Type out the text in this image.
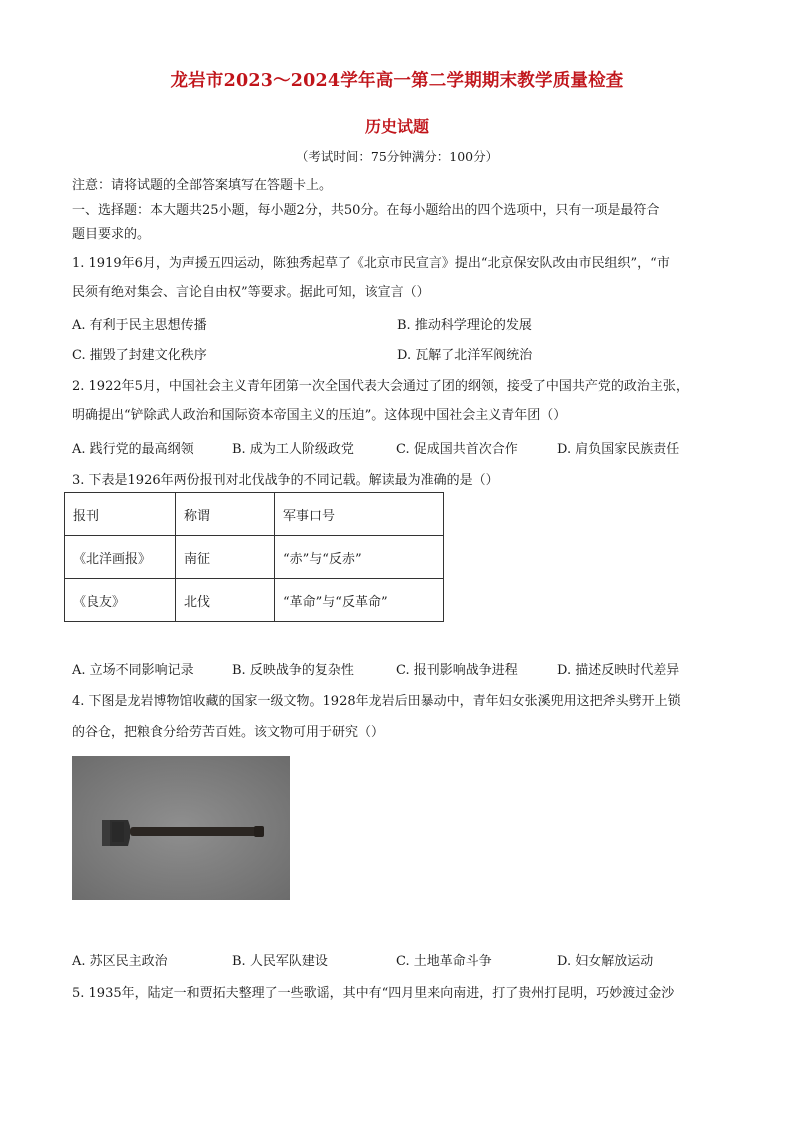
龙岩市2023～2024学年高一第二学期期末教学质量检查
历史试题
（考试时间：75分钟满分：100分）
注意：请将试题的全部答案填写在答题卡上。
一、选择题：本大题共25小题，每小题2分，共50分。在每小题给出的四个选项中，只有一项是最符合
题目要求的。
1. 1919年6月，为声援五四运动，陈独秀起草了《北京市民宣言》提出“北京保安队改由市民组织”，“市
民须有绝对集会、言论自由权”等要求。据此可知，该宣言（）
A. 有利于民主思想传播	B. 推动科学理论的发展
C. 摧毁了封建文化秩序	D. 瓦解了北洋军阀统治
2. 1922年5月，中国社会主义青年团第一次全国代表大会通过了团的纲领，接受了中国共产党的政治主张，
明确提出“铲除武人政治和国际资本帝国主义的压迫”。这体现中国社会主义青年团（）
A. 践行党的最高纲领	B. 成为工人阶级政党	C. 促成国共首次合作	D. 肩负国家民族责任
3. 下表是1926年两份报刊对北伐战争的不同记载。解读最为准确的是（）
报刊	称谓	军事口号
《北洋画报》	南征	“赤”与“反赤”
《良友》	北伐	“革命”与“反革命”
A. 立场不同影响记录	B. 反映战争的复杂性	C. 报刊影响战争进程	D. 描述反映时代差异
4. 下图是龙岩博物馆收藏的国家一级文物。1928年龙岩后田暴动中，青年妇女张溪兜用这把斧头劈开上锁
的谷仓，把粮食分给劳苦百姓。该文物可用于研究（）
A. 苏区民主政治	B. 人民军队建设	C. 土地革命斗争	D. 妇女解放运动
5. 1935年，陆定一和贾拓夫整理了一些歌谣，其中有“四月里来向南进，打了贵州打昆明，巧妙渡过金沙
